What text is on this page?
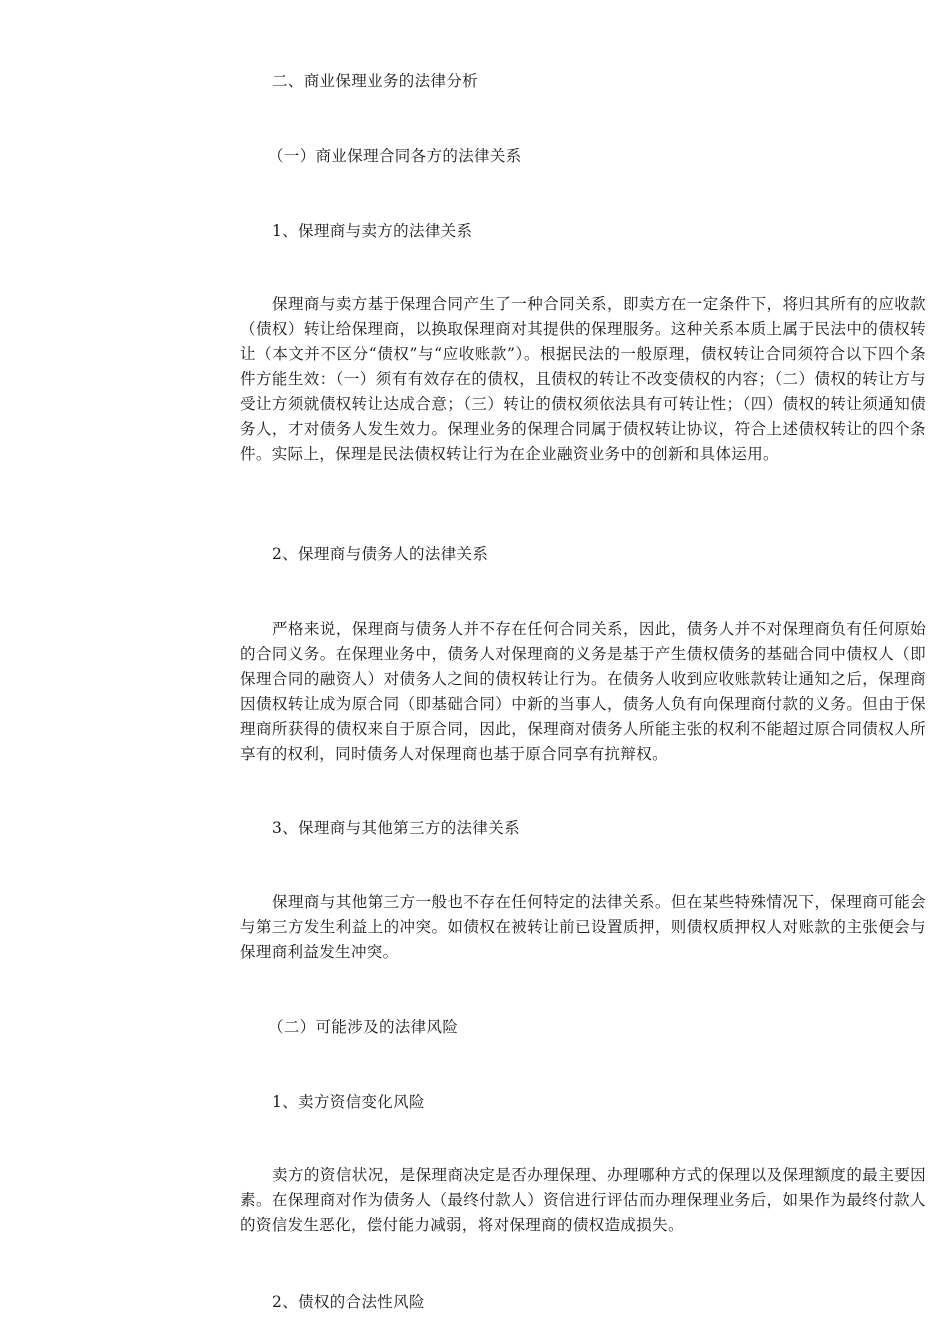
二、商业保理业务的法律分析

（一）商业保理合同各方的法律关系

1、保理商与卖方的法律关系

保理商与卖方基于保理合同产生了一种合同关系，即卖方在一定条件下，将归其所有的应收款（债权）转让给保理商，以换取保理商对其提供的保理服务。这种关系本质上属于民法中的债权转让（本文并不区分“债权”与“应收账款”）。根据民法的一般原理，债权转让合同须符合以下四个条件方能生效：（一）须有有效存在的债权，且债权的转让不改变债权的内容；（二）债权的转让方与受让方须就债权转让达成合意；（三）转让的债权须依法具有可转让性；（四）债权的转让须通知债务人，才对债务人发生效力。保理业务的保理合同属于债权转让协议，符合上述债权转让的四个条件。实际上，保理是民法债权转让行为在企业融资业务中的创新和具体运用。

2、保理商与债务人的法律关系

严格来说，保理商与债务人并不存在任何合同关系，因此，债务人并不对保理商负有任何原始的合同义务。在保理业务中，债务人对保理商的义务是基于产生债权债务的基础合同中债权人（即保理合同的融资人）对债务人之间的债权转让行为。在债务人收到应收账款转让通知之后，保理商因债权转让成为原合同（即基础合同）中新的当事人，债务人负有向保理商付款的义务。但由于保理商所获得的债权来自于原合同，因此，保理商对债务人所能主张的权利不能超过原合同债权人所享有的权利，同时债务人对保理商也基于原合同享有抗辩权。

3、保理商与其他第三方的法律关系

保理商与其他第三方一般也不存在任何特定的法律关系。但在某些特殊情况下，保理商可能会与第三方发生利益上的冲突。如债权在被转让前已设置质押，则债权质押权人对账款的主张便会与保理商利益发生冲突。

（二）可能涉及的法律风险

1、卖方资信变化风险

卖方的资信状况，是保理商决定是否办理保理、办理哪种方式的保理以及保理额度的最主要因素。在保理商对作为债务人（最终付款人）资信进行评估而办理保理业务后，如果作为最终付款人的资信发生恶化，偿付能力减弱，将对保理商的债权造成损失。

2、债权的合法性风险
